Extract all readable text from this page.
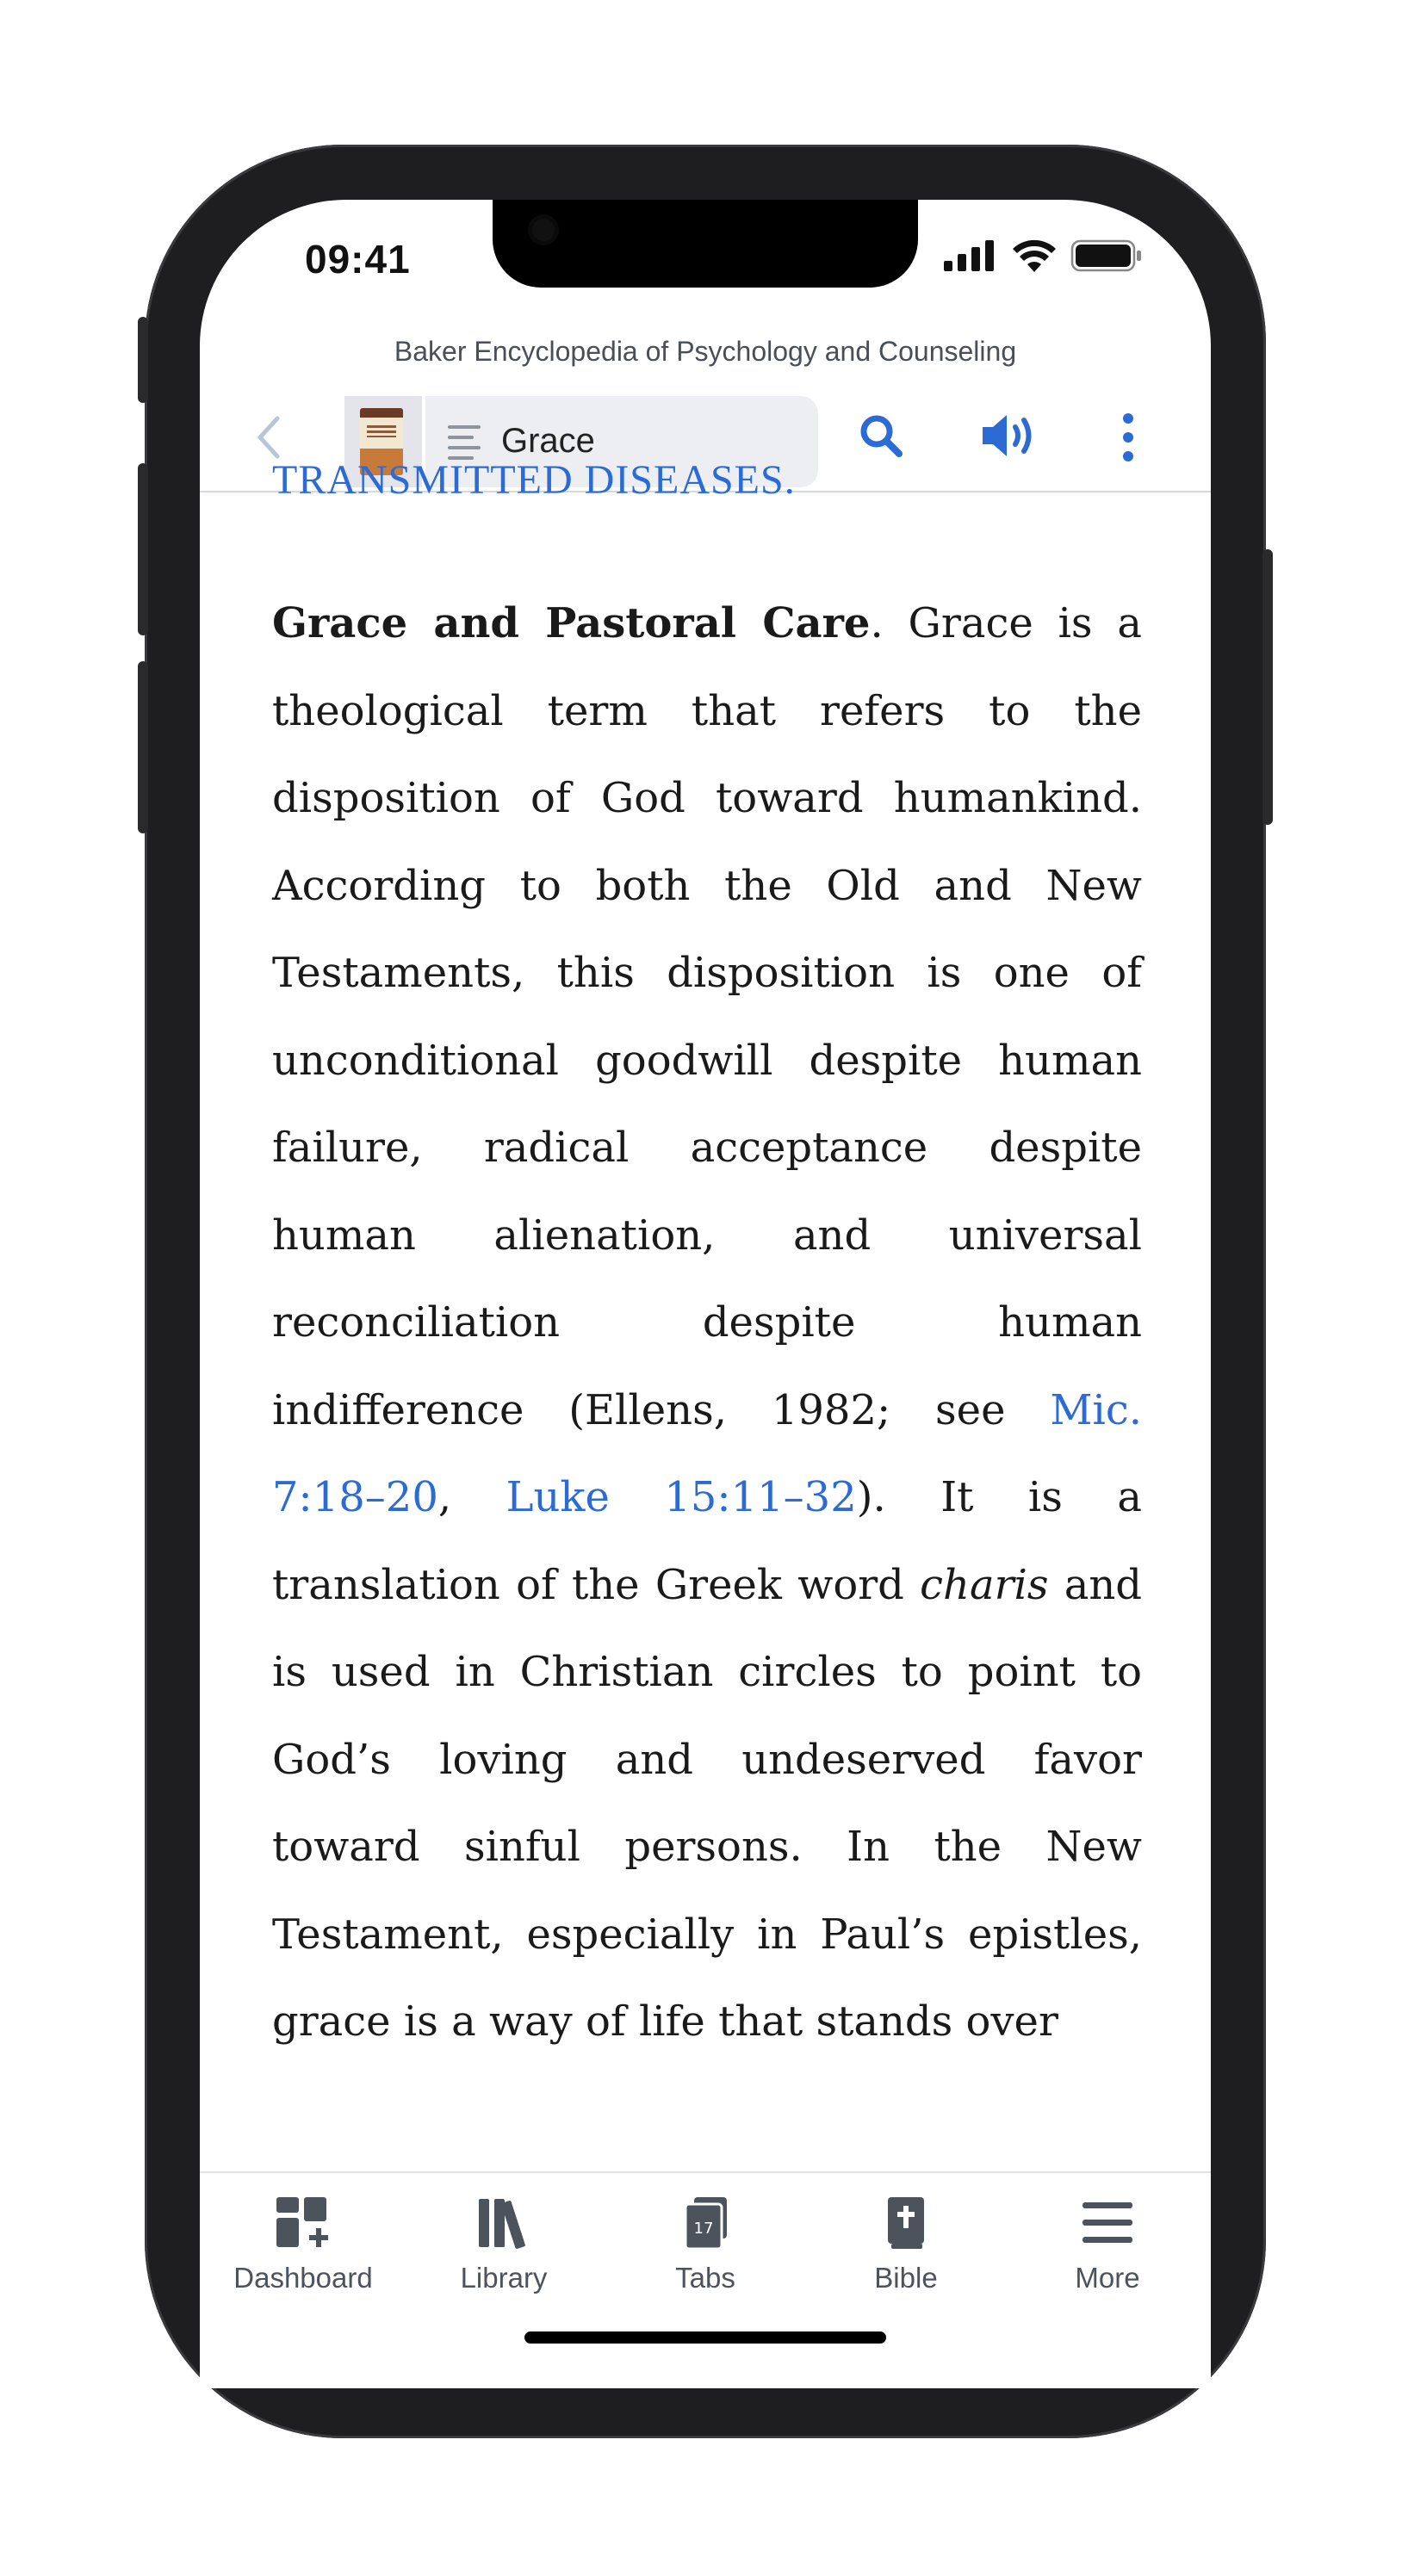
09:41
Baker Encyclopedia of Psychology and Counseling
Grace
TRANSMITTED DISEASES.
Grace and Pastoral Care. Grace is a theological term that refers to the disposition of God toward humankind. According to both the Old and New Testaments, this disposition is one of unconditional goodwill despite human failure, radical acceptance despite human alienation, and universal reconciliation despite human indifference (Ellens, 1982; see Mic. 7:18–20, Luke 15:11–32). It is a translation of the Greek word charis and is used in Christian circles to point to God’s loving and undeserved favor toward sinful persons. In the New Testament, especially in Paul’s epistles, grace is a way of life that stands over
Dashboard	Library
17
Tabs	Bible	More
